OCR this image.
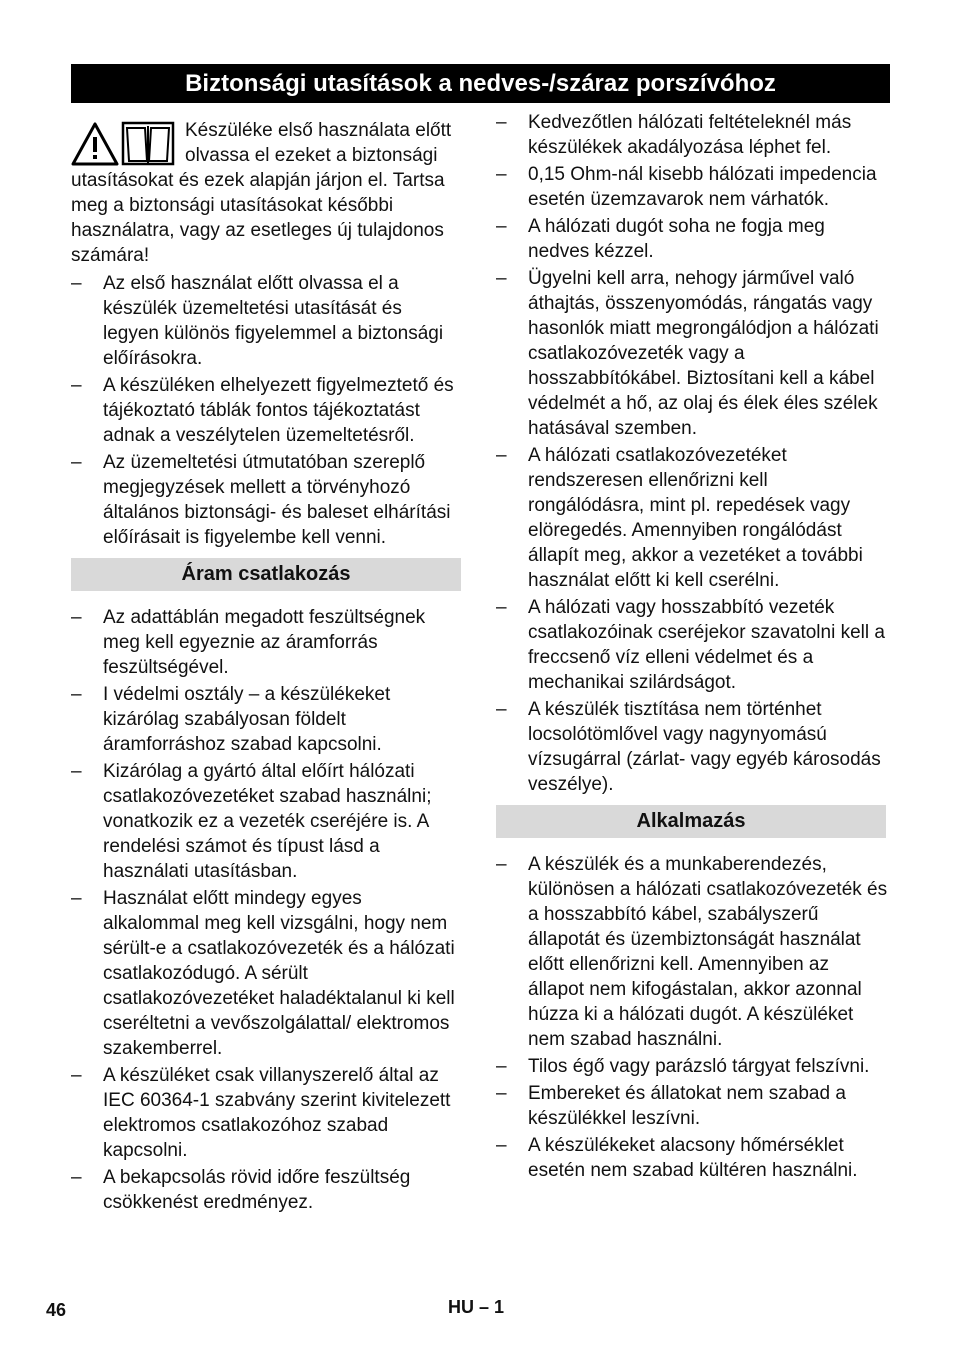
Biztonsági utasítások a nedves-/száraz porszívóhoz

Készüléke első használata előtt olvassa el ezeket a biztonsági utasításokat és ezek alapján járjon el. Tartsa meg a biztonsági utasításokat későbbi használatra, vagy az esetleges új tulajdonos számára!

– Az első használat előtt olvassa el a készülék üzemeltetési utasítását és legyen különös figyelemmel a biztonsági előírásokra.
– A készüléken elhelyezett figyelmeztető és tájékoztató táblák fontos tájékoztatást adnak a veszélytelen üzemeltetésről.
– Az üzemeltetési útmutatóban szereplő megjegyzések mellett a törvényhozó általános biztonsági- és baleset elhárítási előírásait is figyelembe kell venni.
Áram csatlakozás
– Az adattáblán megadott feszültségnek meg kell egyeznie az áramforrás feszültségével.
– I védelmi osztály – a készülékeket kizárólag szabályosan földelt áramforráshoz szabad kapcsolni.
– Kizárólag a gyártó által előírt hálózati csatlakozóvezetéket szabad használni; vonatkozik ez a vezeték cseréjére is. A rendelési számot és típust lásd a használati utasításban.
– Használat előtt mindegy egyes alkalommal meg kell vizsgálni, hogy nem sérült-e a csatlakozóvezeték és a hálózati csatlakozódugó. A sérült csatlakozóvezetéket haladéktalanul ki kell cseréltetni a vevőszolgálattal/ elektromos szakemberrel.
– A készüléket csak villanyszerelő által az IEC 60364-1 szabvány szerint kivitelezett elektromos csatlakozóhoz szabad kapcsolni.
– A bekapcsolás rövid időre feszültség csökkenést eredményez.
– Kedvezőtlen hálózati feltételeknél más készülékek akadályozása léphet fel.
– 0,15 Ohm-nál kisebb hálózati impedencia esetén üzemzavarok nem várhatók.
– A hálózati dugót soha ne fogja meg nedves kézzel.
– Ügyelni kell arra, nehogy járművel való áthajtás, összenyomódás, rángatás vagy hasonlók miatt megrongálódjon a hálózati csatlakozóvezeték vagy a hosszabbítókábel. Biztosítani kell a kábel védelmét a hő, az olaj és élek éles szélek hatásával szemben.
– A hálózati csatlakozóvezetéket rendszeresen ellenőrizni kell rongálódásra, mint pl. repedések vagy elöregedés. Amennyiben rongálódást állapít meg, akkor a vezetéket a további használat előtt ki kell cserélni.
– A hálózati vagy hosszabbító vezeték csatlakozóinak cseréjekor szavatolni kell a freccsenő víz elleni védelmet és a mechanikai szilárdságot.
– A készülék tisztítása nem történhet locsolótömlővel vagy nagynyomású vízsugárral (zárlat- vagy egyéb károsodás veszélye).
Alkalmazás
– A készülék és a munkaberendezés, különösen a hálózati csatlakozóvezeték és a hosszabbító kábel, szabályszerű állapotát és üzembiztonságát használat előtt ellenőrizni kell. Amennyiben az állapot nem kifogástalan, akkor azonnal húzza ki a hálózati dugót. A készüléket nem szabad használni.
– Tilos égő vagy parázsló tárgyat felszívni.
– Embereket és állatokat nem szabad a készülékkel leszívni.
– A készülékeket alacsony hőmérséklet esetén nem szabad kültéren használni.
46	HU – 1
